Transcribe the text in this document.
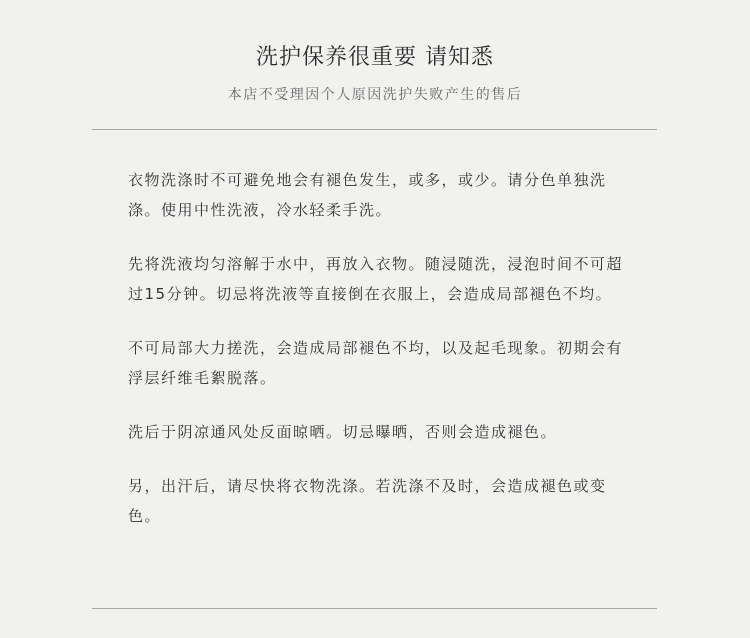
洗护保养很重要 请知悉
本店不受理因个人原因洗护失败产生的售后

衣物洗涤时不可避免地会有褪色发生，或多，或少。请分色单独洗涤。使用中性洗液，冷水轻柔手洗。

先将洗液均匀溶解于水中，再放入衣物。随浸随洗，浸泡时间不可超过15分钟。切忌将洗液等直接倒在衣服上，会造成局部褪色不均。

不可局部大力搓洗，会造成局部褪色不均，以及起毛现象。初期会有浮层纤维毛絮脱落。

洗后于阴凉通风处反面晾晒。切忌曝晒，否则会造成褪色。

另，出汗后，请尽快将衣物洗涤。若洗涤不及时，会造成褪色或变色。
